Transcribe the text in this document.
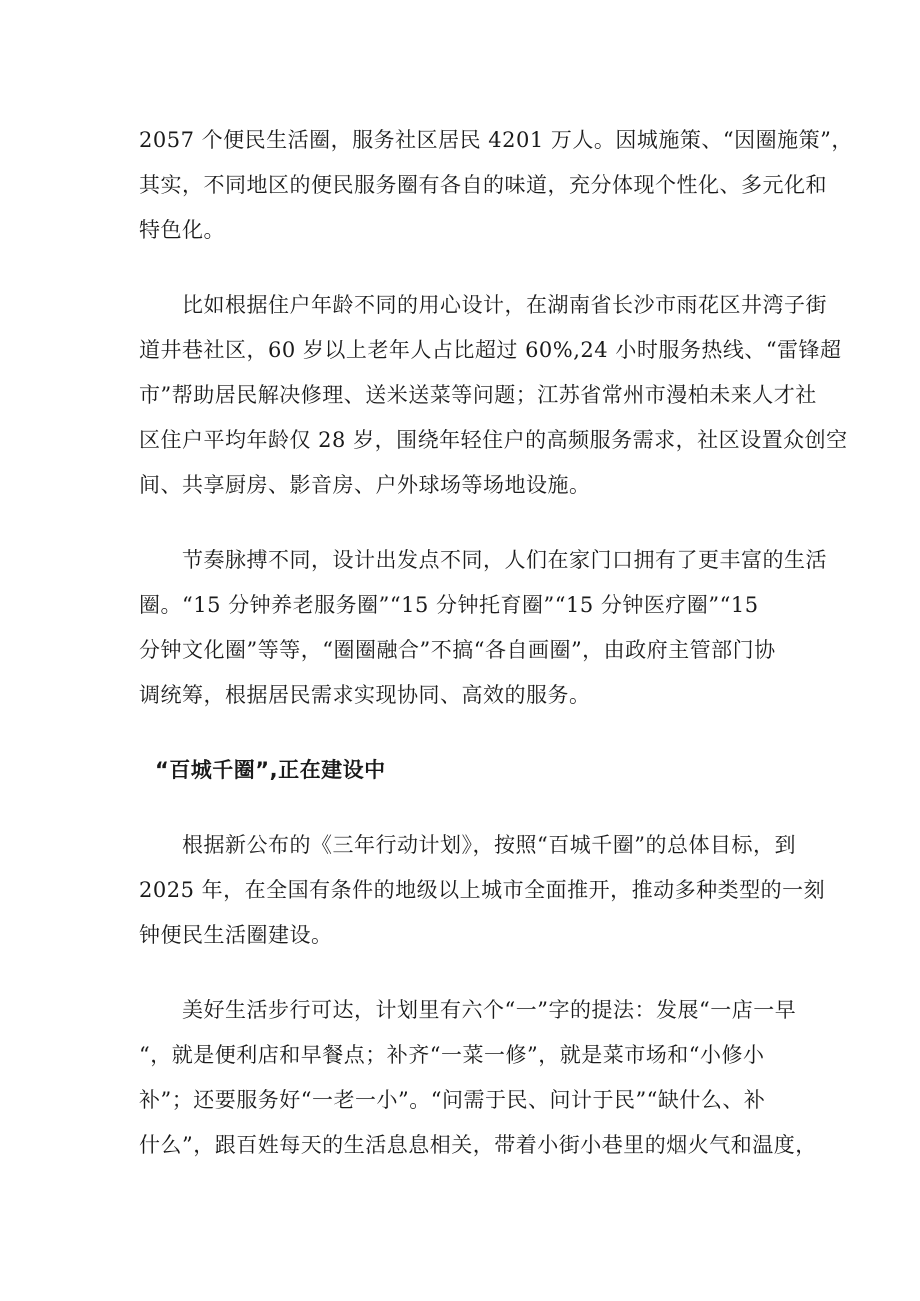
2057 个便民生活圈，服务社区居民 4201 万人。因城施策、“因圈施策”，
其实，不同地区的便民服务圈有各自的味道，充分体现个性化、多元化和
特色化。

　　比如根据住户年龄不同的用心设计，在湖南省长沙市雨花区井湾子街
道井巷社区，60 岁以上老年人占比超过 60%,24 小时服务热线、“雷锋超
市”帮助居民解决修理、送米送菜等问题；江苏省常州市漫柏未来人才社
区住户平均年龄仅 28 岁，围绕年轻住户的高频服务需求，社区设置众创空
间、共享厨房、影音房、户外球场等场地设施。

　　节奏脉搏不同，设计出发点不同，人们在家门口拥有了更丰富的生活
圈。“15 分钟养老服务圈”“15 分钟托育圈”“15 分钟医疗圈”“15
分钟文化圈”等等，“圈圈融合”不搞“各自画圈”，由政府主管部门协
调统筹，根据居民需求实现协同、高效的服务。

“百城千圈”,正在建设中

　　根据新公布的《三年行动计划》，按照“百城千圈”的总体目标，到
2025 年，在全国有条件的地级以上城市全面推开，推动多种类型的一刻
钟便民生活圈建设。

　　美好生活步行可达，计划里有六个“一”字的提法：发展“一店一早
“，就是便利店和早餐点；补齐“一菜一修”，就是菜市场和“小修小
补”；还要服务好“一老一小”。“问需于民、问计于民”“缺什么、补
什么”，跟百姓每天的生活息息相关，带着小街小巷里的烟火气和温度，
